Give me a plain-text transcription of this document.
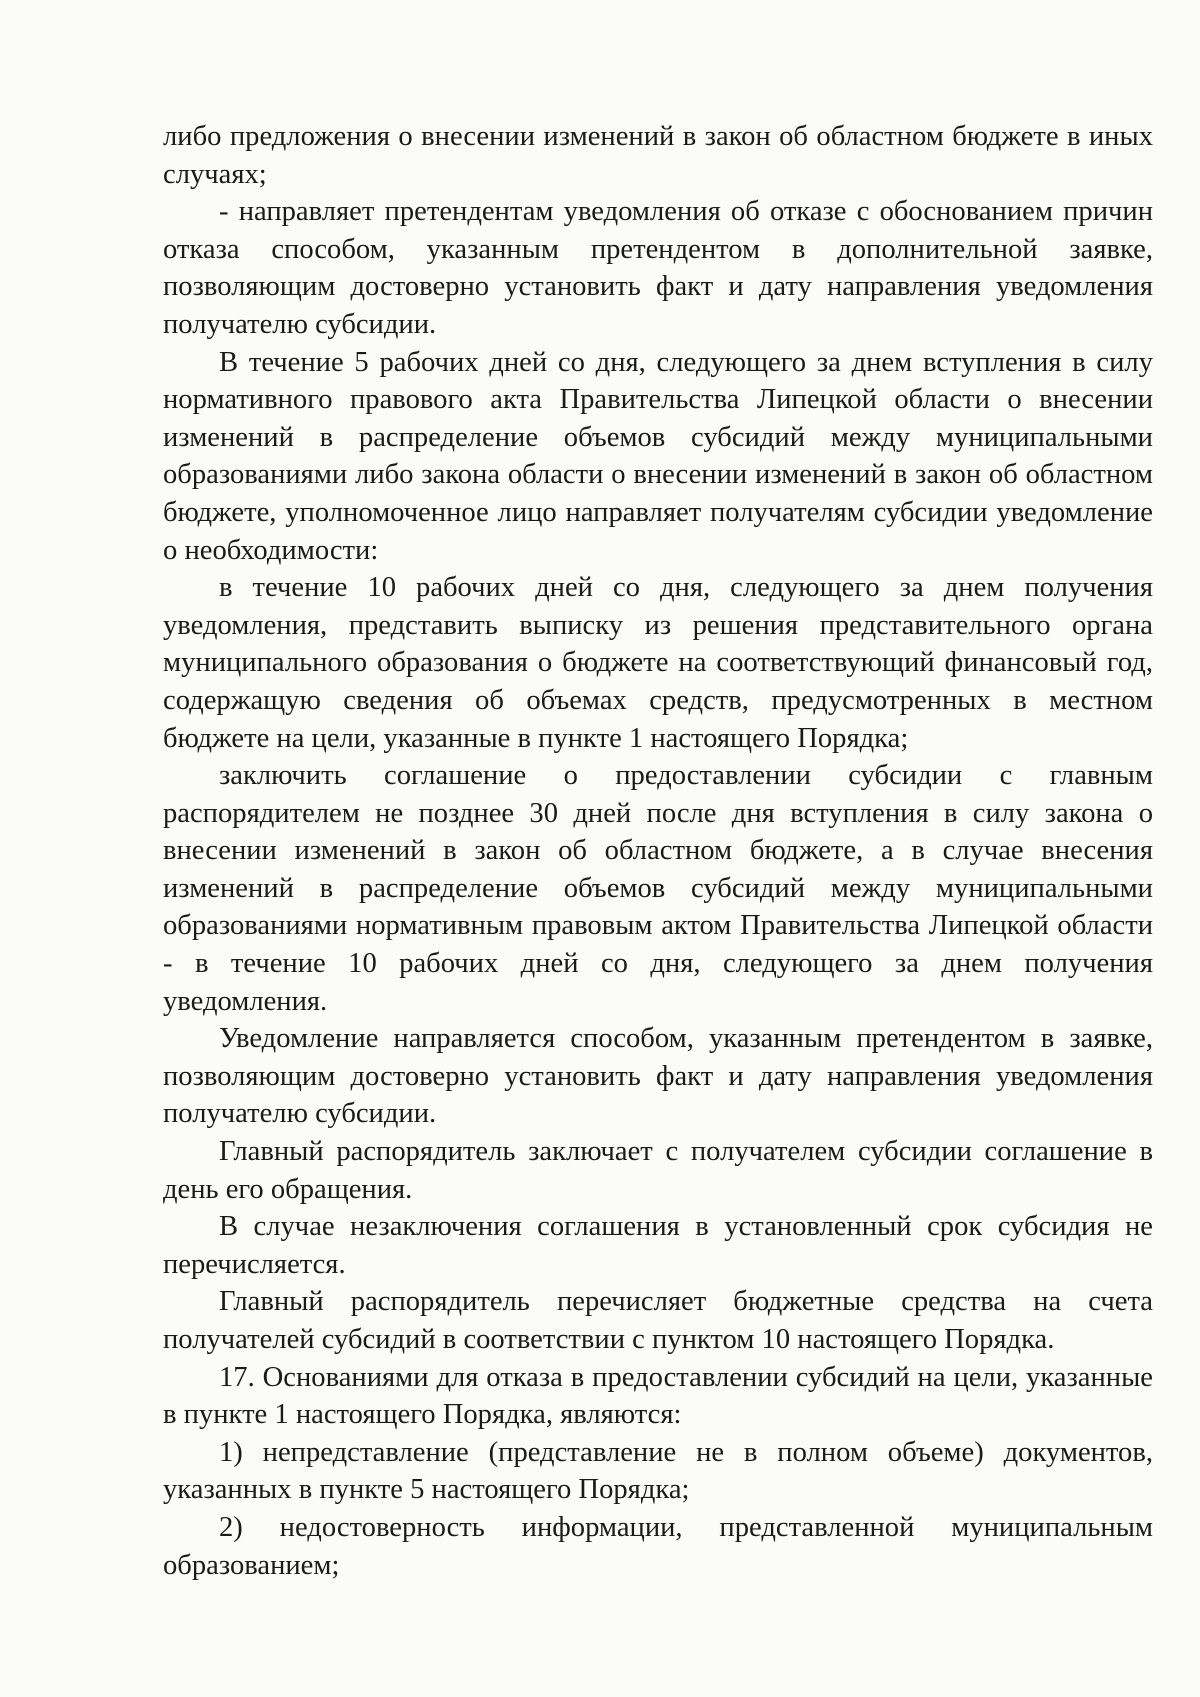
либо предложения о внесении изменений в закон об областном бюджете в иных случаях;

- направляет претендентам уведомления об отказе с обоснованием причин отказа способом, указанным претендентом в дополнительной заявке, позволяющим достоверно установить факт и дату направления уведомления получателю субсидии.

В течение 5 рабочих дней со дня, следующего за днем вступления в силу нормативного правового акта Правительства Липецкой области о внесении изменений в распределение объемов субсидий между муниципальными образованиями либо закона области о внесении изменений в закон об областном бюджете, уполномоченное лицо направляет получателям субсидии уведомление о необходимости:

в течение 10 рабочих дней со дня, следующего за днем получения уведомления, представить выписку из решения представительного органа муниципального образования о бюджете на соответствующий финансовый год, содержащую сведения об объемах средств, предусмотренных в местном бюджете на цели, указанные в пункте 1 настоящего Порядка;

заключить соглашение о предоставлении субсидии с главным распорядителем не позднее 30 дней после дня вступления в силу закона о внесении изменений в закон об областном бюджете, а в случае внесения изменений в распределение объемов субсидий между муниципальными образованиями нормативным правовым актом Правительства Липецкой области - в течение 10 рабочих дней со дня, следующего за днем получения уведомления.

Уведомление направляется способом, указанным претендентом в заявке, позволяющим достоверно установить факт и дату направления уведомления получателю субсидии.

Главный распорядитель заключает с получателем субсидии соглашение в день его обращения.

В случае незаключения соглашения в установленный срок субсидия не перечисляется.

Главный распорядитель перечисляет бюджетные средства на счета получателей субсидий в соответствии с пунктом 10 настоящего Порядка.

17. Основаниями для отказа в предоставлении субсидий на цели, указанные в пункте 1 настоящего Порядка, являются:

1) непредставление (представление не в полном объеме) документов, указанных в пункте 5 настоящего Порядка;

2) недостоверность информации, представленной муниципальным образованием;
